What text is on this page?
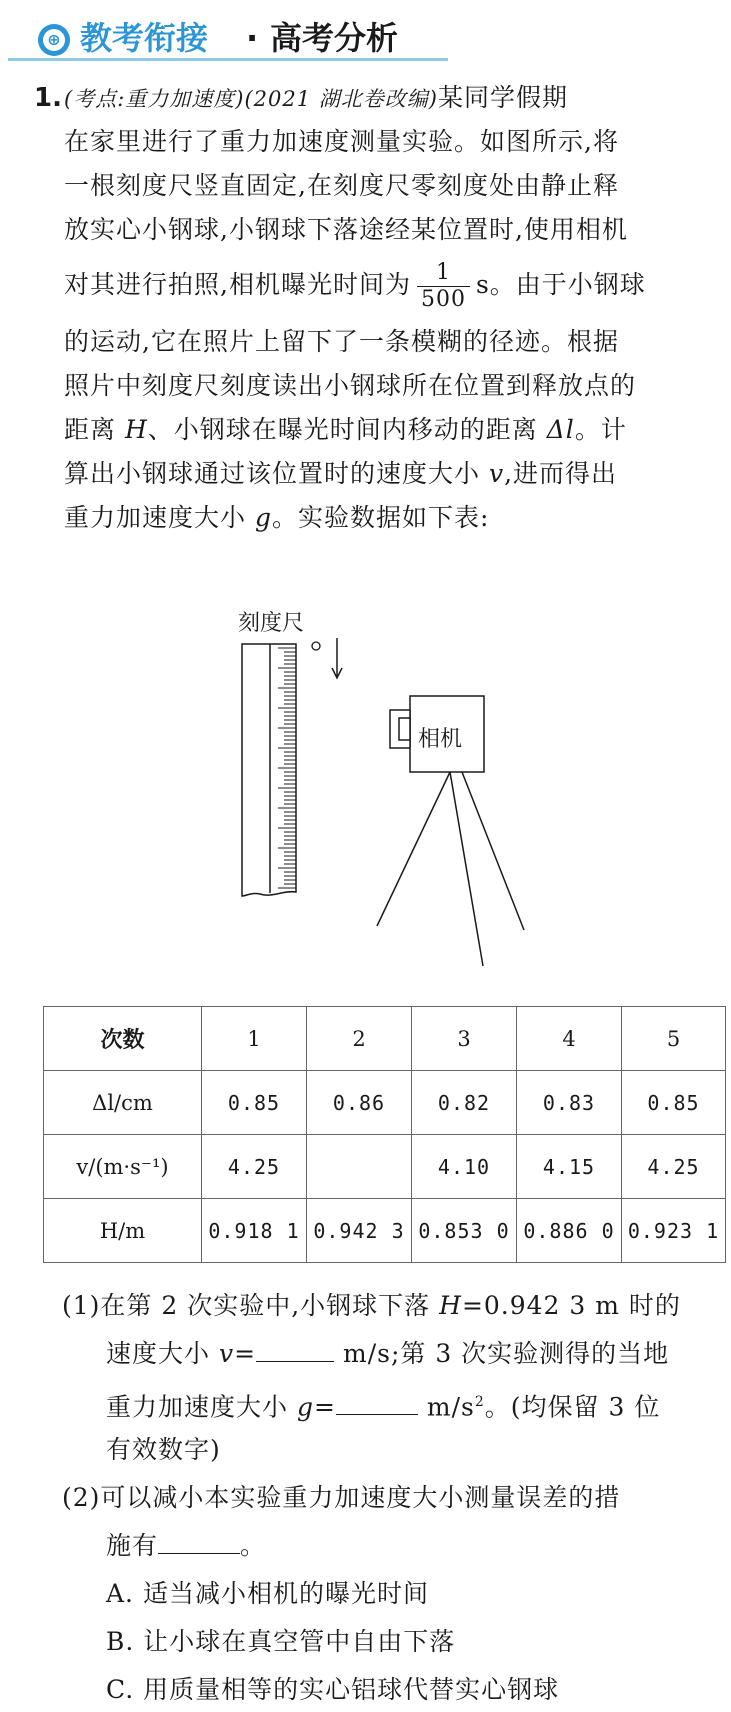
⊕ 教考衔接 · 高考分析
1. (考点:重力加速度)(2021 湖北卷改编)某同学假期
在家里进行了重力加速度测量实验。如图所示,将
一根刻度尺竖直固定,在刻度尺零刻度处由静止释
放实心小钢球,小钢球下落途经某位置时,使用相机
对其进行拍照,相机曝光时间为 $\frac{1}{500}$ s。由于小钢球
的运动,它在照片上留下了一条模糊的径迹。根据
照片中刻度尺刻度读出小钢球所在位置到释放点的
距离 H、小钢球在曝光时间内移动的距离 Δl。计
算出小钢球通过该位置时的速度大小 v,进而得出
重力加速度大小 g。实验数据如下表:
刻度尺
相机
次数	1	2	3	4	5
Δl/cm	0.85	0.86	0.82	0.83	0.85
v/(m·s⁻¹)	4.25		4.10	4.15	4.25
H/m	0.918 1	0.942 3	0.853 0	0.886 0	0.923 1
(1)在第 2 次实验中,小钢球下落 H=0.942 3 m 时的
速度大小 v=	m/s;第 3 次实验测得的当地
重力加速度大小 g=	$m/s^2$。(均保留 3 位
有效数字)
(2)可以减小本实验重力加速度大小测量误差的措
施有	。
A. 适当减小相机的曝光时间
B. 让小球在真空管中自由下落
C. 用质量相等的实心铝球代替实心钢球
